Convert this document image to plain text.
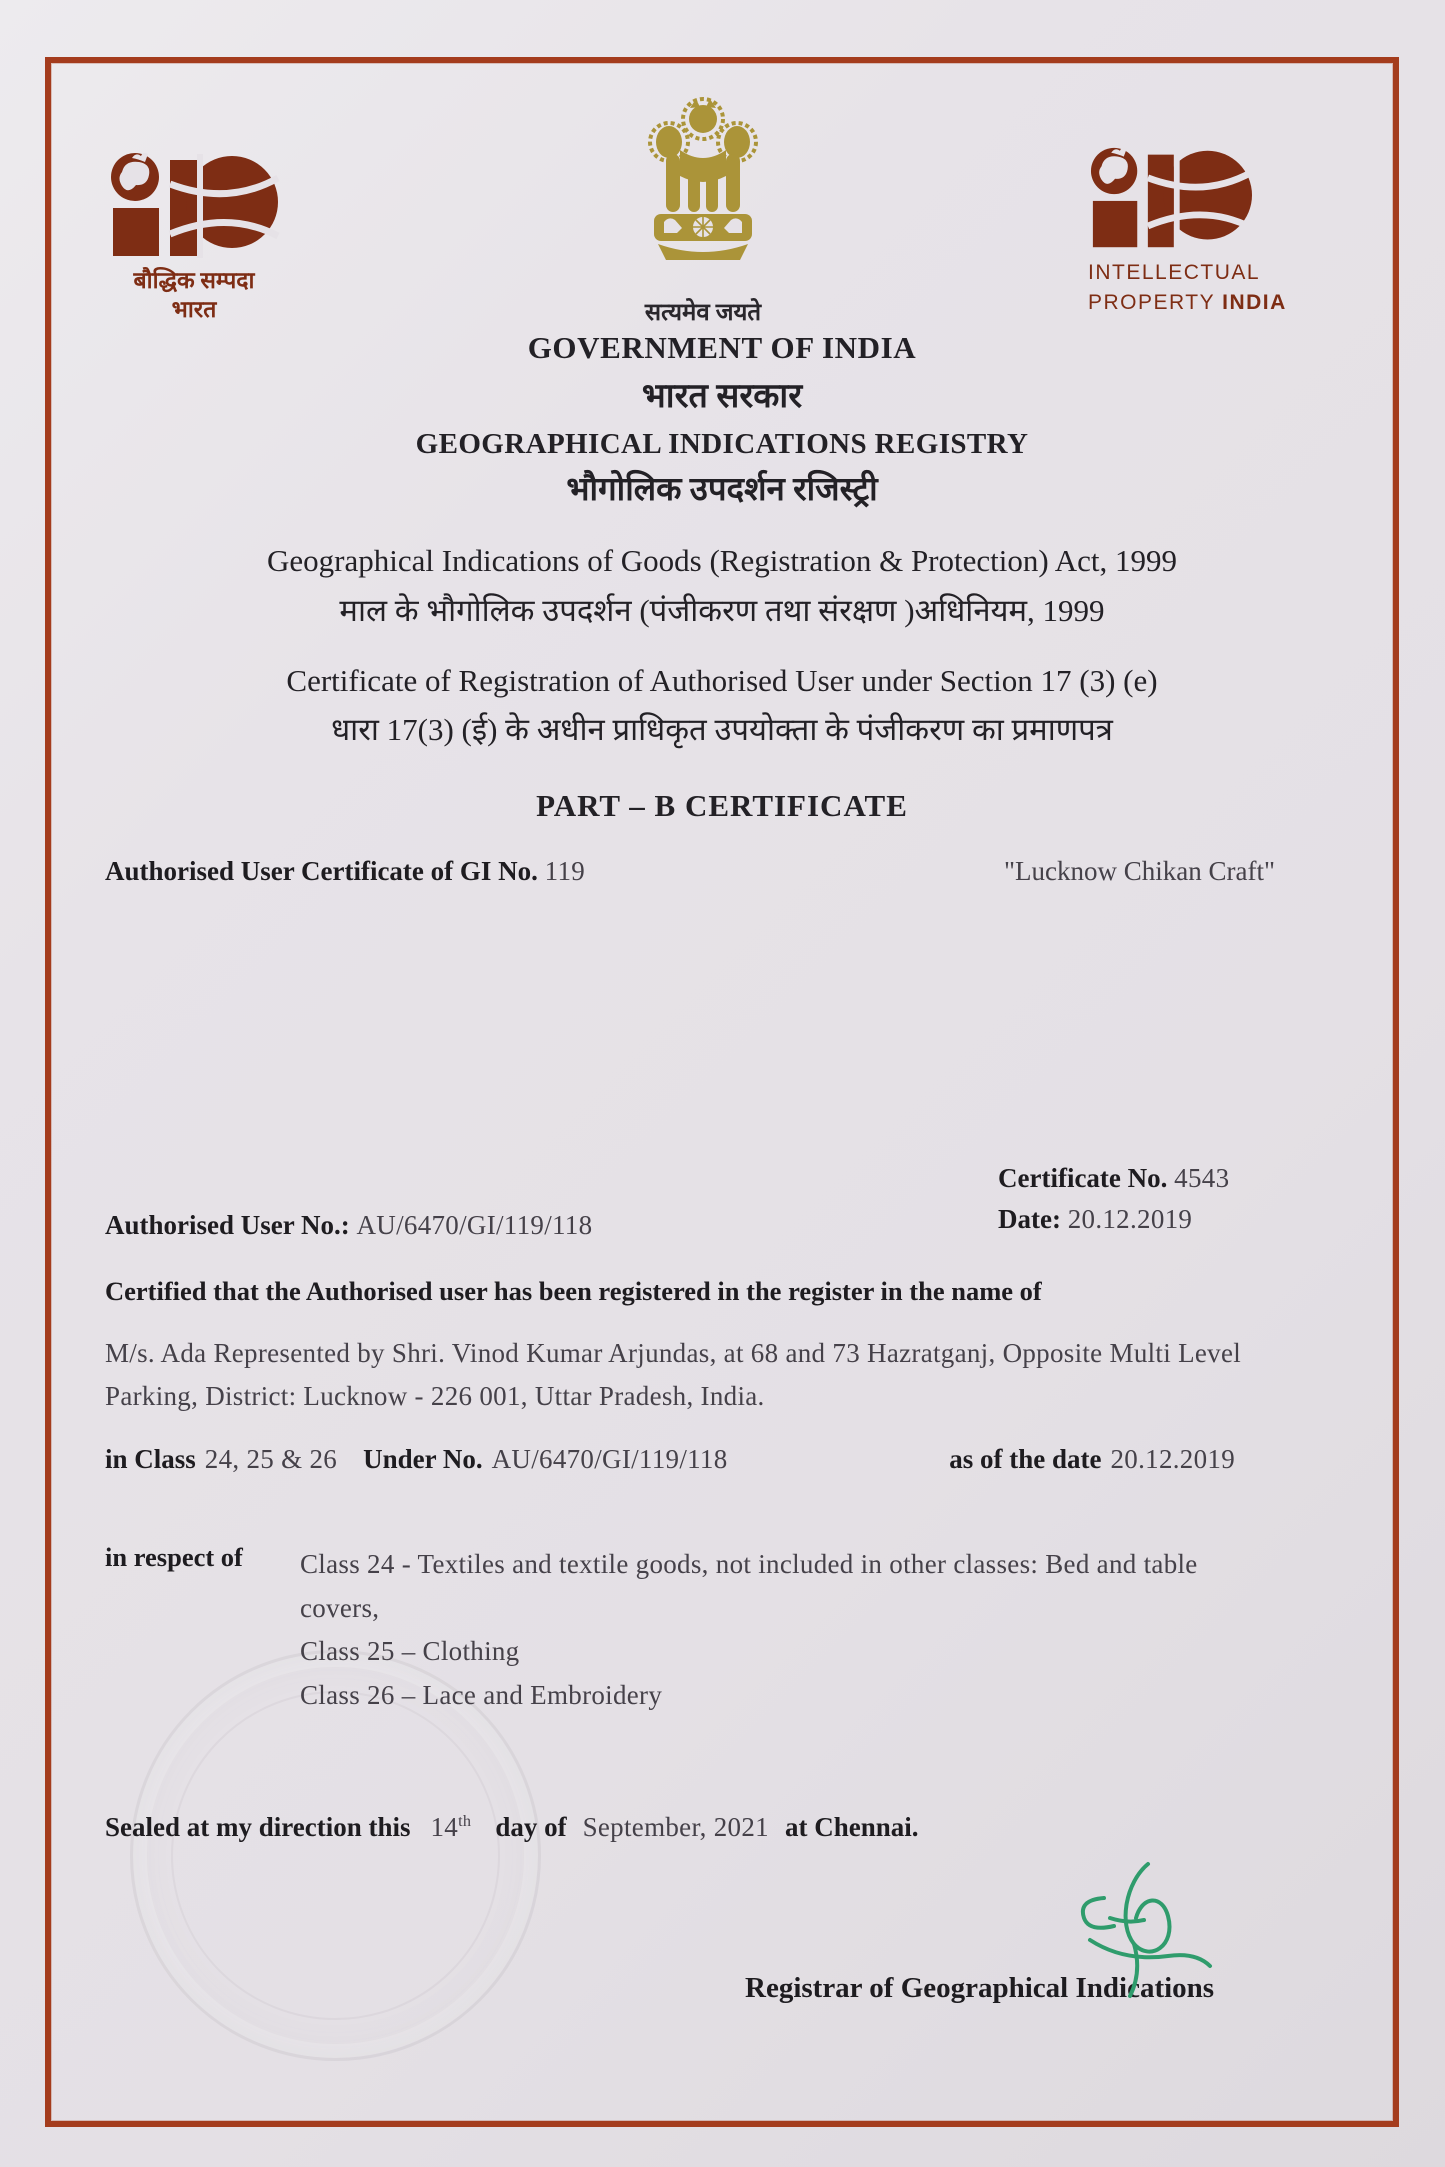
बौद्धिक सम्पदा
भारत	सत्यमेव जयते
INTELLECTUAL
PROPERTY INDIA
GOVERNMENT OF INDIA
भारत सरकार
GEOGRAPHICAL INDICATIONS REGISTRY
भौगोलिक उपदर्शन रजिस्ट्री
Geographical Indications of Goods (Registration & Protection) Act, 1999
माल के भौगोलिक उपदर्शन (पंजीकरण तथा संरक्षण )अधिनियम, 1999
Certificate of Registration of Authorised User under Section 17 (3) (e)
धारा 17(3) (ई) के अधीन प्राधिकृत उपयोक्ता के पंजीकरण का प्रमाणपत्र
PART – B CERTIFICATE
Authorised User Certificate of GI No. 119	"Lucknow Chikan Craft"
Certificate No. 4543
Date: 20.12.2019
Authorised User No.: AU/6470/GI/119/118
Certified that the Authorised user has been registered in the register in the name of
M/s. Ada Represented by Shri. Vinod Kumar Arjundas, at 68 and 73 Hazratganj, Opposite Multi Level Parking, District: Lucknow - 226 001, Uttar Pradesh, India.
in Class 24, 25 & 26 Under No. AU/6470/GI/119/118	as of the date 20.12.2019
in respect of Class 24 - Textiles and textile goods, not included in other classes: Bed and table covers,
Class 25 – Clothing
Class 26 – Lace and Embroidery
Sealed at my direction this 14th day of September, 2021 at Chennai.
Registrar of Geographical Indications
